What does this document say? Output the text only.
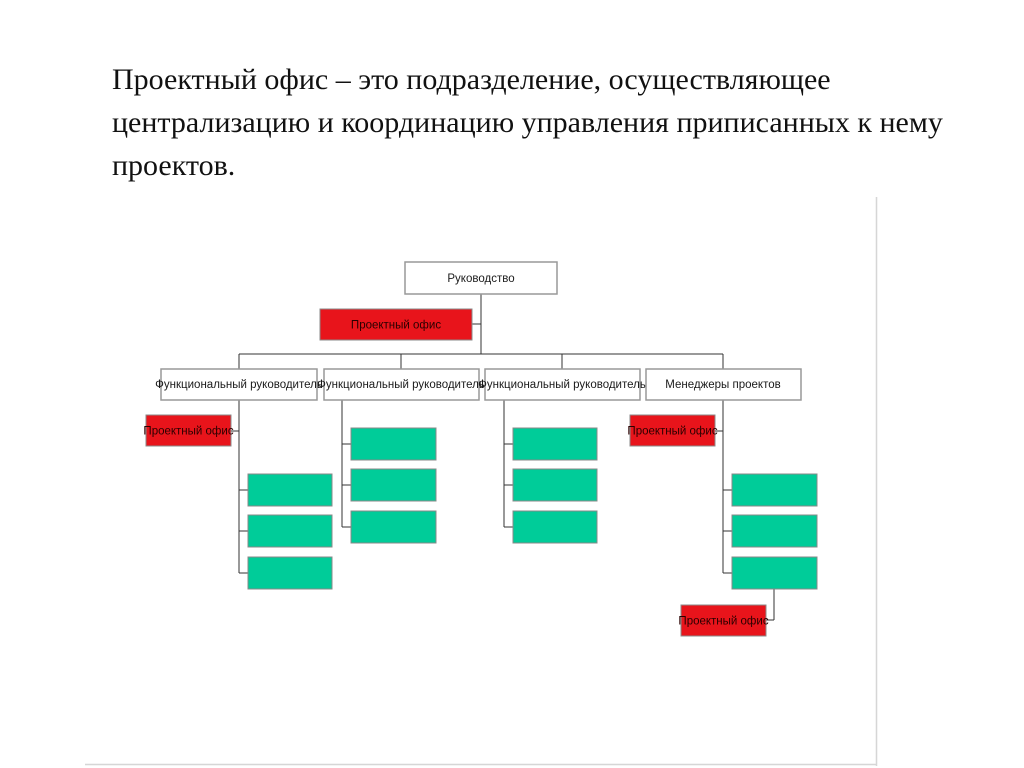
Проектный офис – это подразделение, осуществляющее централизацию и координацию управления приписанных к нему проектов.

Руководство
Проектный офис
Функциональный руководитель
Функциональный руководитель
Функциональный руководитель Менеджеры проектов
Проектный офис	Проектный офис
Проектный офис
